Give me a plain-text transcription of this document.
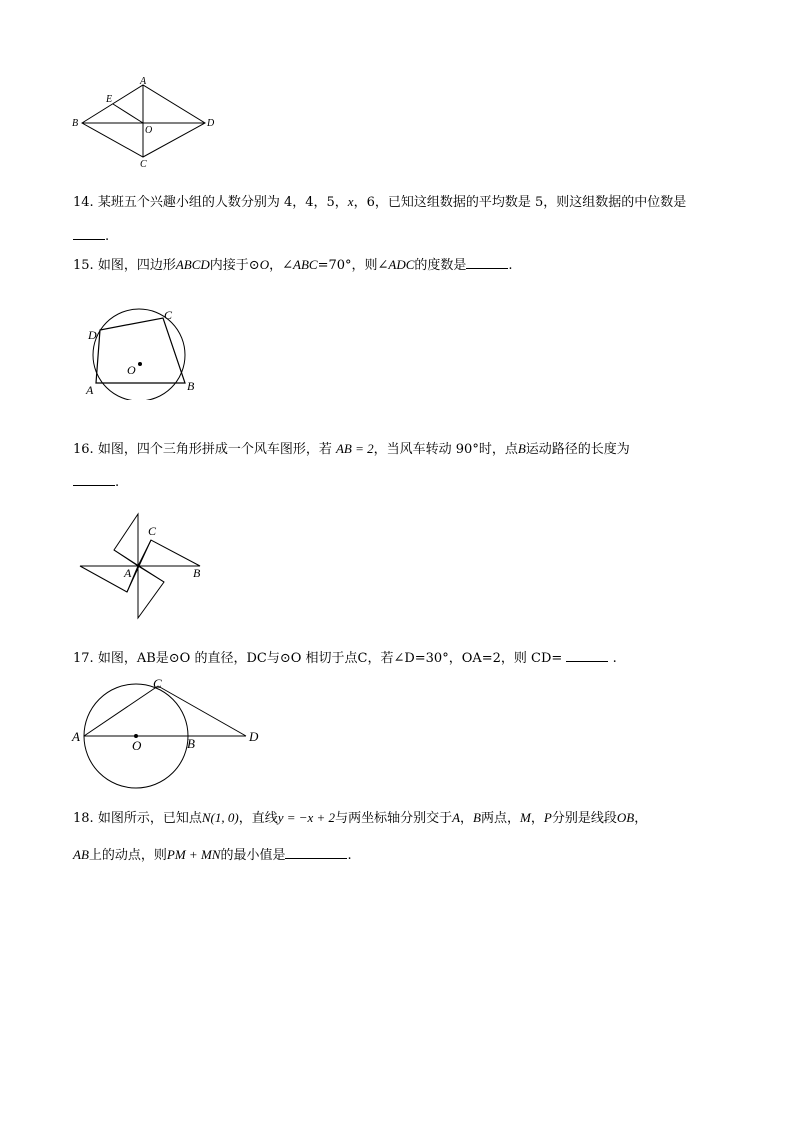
A
B
C
D
E
O
14. 某班五个兴趣小组的人数分别为 4，4，5，x，6，已知这组数据的平均数是 5，则这组数据的中位数是
.
15. 如图，四边形ABCD内接于⊙O，∠ABC=70°，则∠ADC的度数是	.
A	B
C
D
O
16. 如图，四个三角形拼成一个风车图形，若 AB = 2，当风车转动 90°时，点B运动路径的长度为
.
C
A	B
17. 如图，AB是⊙O 的直径，DC与⊙O 相切于点C，若∠D=30°，OA=2，则 CD=	.
A	B
C
D
O
18. 如图所示，已知点N(1, 0)，直线y = −x + 2与两坐标轴分别交于A，B两点，M，P分别是线段OB，
AB上的动点，则PM + MN的最小值是	.
